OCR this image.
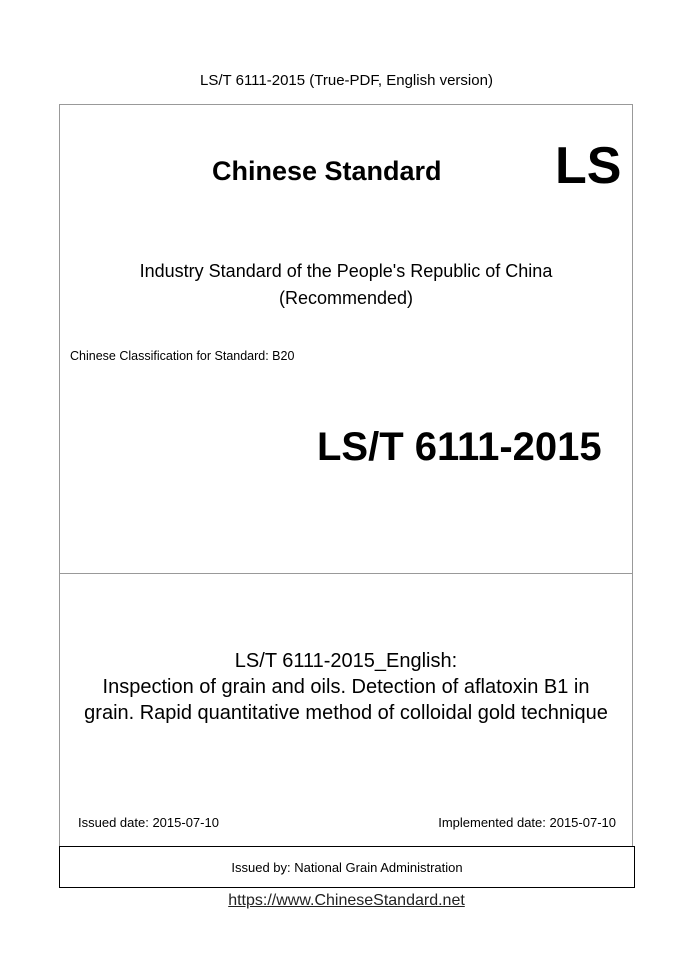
LS/T 6111-2015 (True-PDF, English version)
Chinese Standard LS
Industry Standard of the People's Republic of China
(Recommended)
Chinese Classification for Standard: B20
LS/T 6111-2015
LS/T 6111-2015_English:
Inspection of grain and oils. Detection of aflatoxin B1 in
grain. Rapid quantitative method of colloidal gold technique
Issued date: 2015-07-10	Implemented date: 2015-07-10
Issued by: National Grain Administration
https://www.ChineseStandard.net
